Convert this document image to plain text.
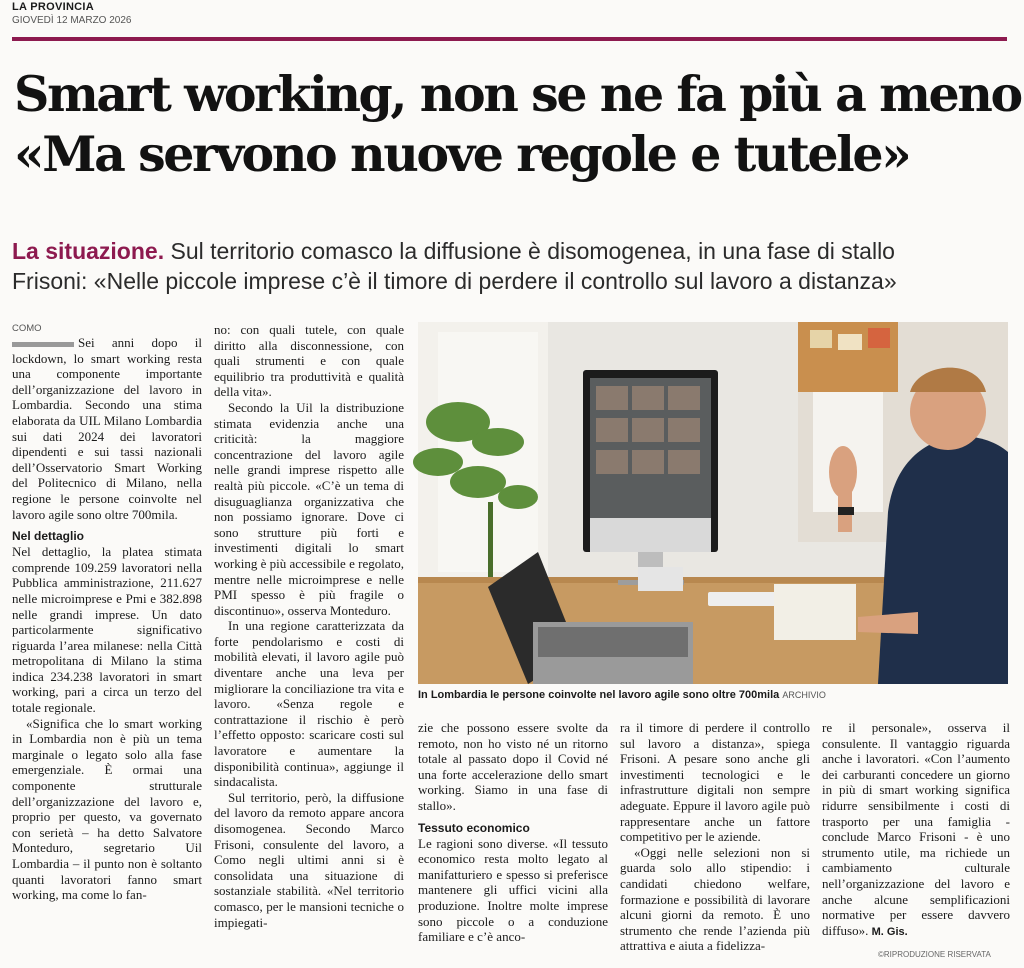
LA PROVINCIA
GIOVEDÌ 12 MARZO 2026
Smart working, non se ne fa più a meno
«Ma servono nuove regole e tutele»
La situazione. Sul territorio comasco la diffusione è disomogenea, in una fase di stallo
Frisoni: «Nelle piccole imprese c’è il timore di perdere il controllo sul lavoro a distanza»
COMO

Sei anni dopo il lockdown, lo smart working resta una componente importante dell’organizzazione del lavoro in Lombardia. Secondo una stima elaborata da UIL Milano Lombardia sui dati 2024 dei lavoratori dipendenti e sui tassi nazionali dell’Osservatorio Smart Working del Politecnico di Milano, nella regione le persone coinvolte nel lavoro agile sono oltre 700mila.

Nel dettaglio

Nel dettaglio, la platea stimata comprende 109.259 lavoratori nella Pubblica amministrazione, 211.627 nelle microimprese e Pmi e 382.898 nelle grandi imprese. Un dato particolarmente significativo riguarda l’area milanese: nella Città metropolitana di Milano la stima indica 234.238 lavoratori in smart working, pari a circa un terzo del totale regionale.

«Significa che lo smart working in Lombardia non è più un tema marginale o legato solo alla fase emergenziale. È ormai una componente strutturale dell’organizzazione del lavoro e, proprio per questo, va governato con serietà – ha detto Salvatore Monteduro, segretario Uil Lombardia – il punto non è soltanto quanti lavoratori fanno smart working, ma come lo fan-

no: con quali tutele, con quale diritto alla disconnessione, con quali strumenti e con quale equilibrio tra produttività e qualità della vita».

Secondo la Uil la distribuzione stimata evidenzia anche una criticità: la maggiore concentrazione del lavoro agile nelle grandi imprese rispetto alle realtà più piccole. «C’è un tema di disuguaglianza organizzativa che non possiamo ignorare. Dove ci sono strutture più forti e investimenti digitali lo smart working è più accessibile e regolato, mentre nelle microimprese e nelle PMI spesso è più fragile o discontinuo», osserva Monteduro.

In una regione caratterizzata da forte pendolarismo e costi di mobilità elevati, il lavoro agile può diventare anche una leva per migliorare la conciliazione tra vita e lavoro. «Senza regole e contrattazione il rischio è però l’effetto opposto: scaricare costi sul lavoratore e aumentare la disponibilità continua», aggiunge il sindacalista.

Sul territorio, però, la diffusione del lavoro da remoto appare ancora disomogenea. Secondo Marco Frisoni, consulente del lavoro, a Como negli ultimi anni si è consolidata una situazione di sostanziale stabilità. «Nel territorio comasco, per le mansioni tecniche o impiegati-

In Lombardia le persone coinvolte nel lavoro agile sono oltre 700mila ARCHIVIO

zie che possono essere svolte da remoto, non ho visto né un ritorno totale al passato dopo il Covid né una forte accelerazione dello smart working. Siamo in una fase di stallo».

Tessuto economico

Le ragioni sono diverse. «Il tessuto economico resta molto legato al manifatturiero e spesso si preferisce mantenere gli uffici vicini alla produzione. Inoltre molte imprese sono piccole o a conduzione familiare e c’è anco-

ra il timore di perdere il controllo sul lavoro a distanza», spiega Frisoni. A pesare sono anche gli investimenti tecnologici e le infrastrutture digitali non sempre adeguate. Eppure il lavoro agile può rappresentare anche un fattore competitivo per le aziende.

«Oggi nelle selezioni non si guarda solo allo stipendio: i candidati chiedono welfare, formazione e possibilità di lavorare alcuni giorni da remoto. È uno strumento che rende l’azienda più attrattiva e aiuta a fidelizza-

re il personale», osserva il consulente. Il vantaggio riguarda anche i lavoratori. «Con l’aumento dei carburanti concedere un giorno in più di smart working significa ridurre sensibilmente i costi di trasporto per una famiglia - conclude Marco Frisoni - è uno strumento utile, ma richiede un cambiamento culturale nell’organizzazione del lavoro e anche alcune semplificazioni normative per essere davvero diffuso». M. Gis.

©RIPRODUZIONE RISERVATA
